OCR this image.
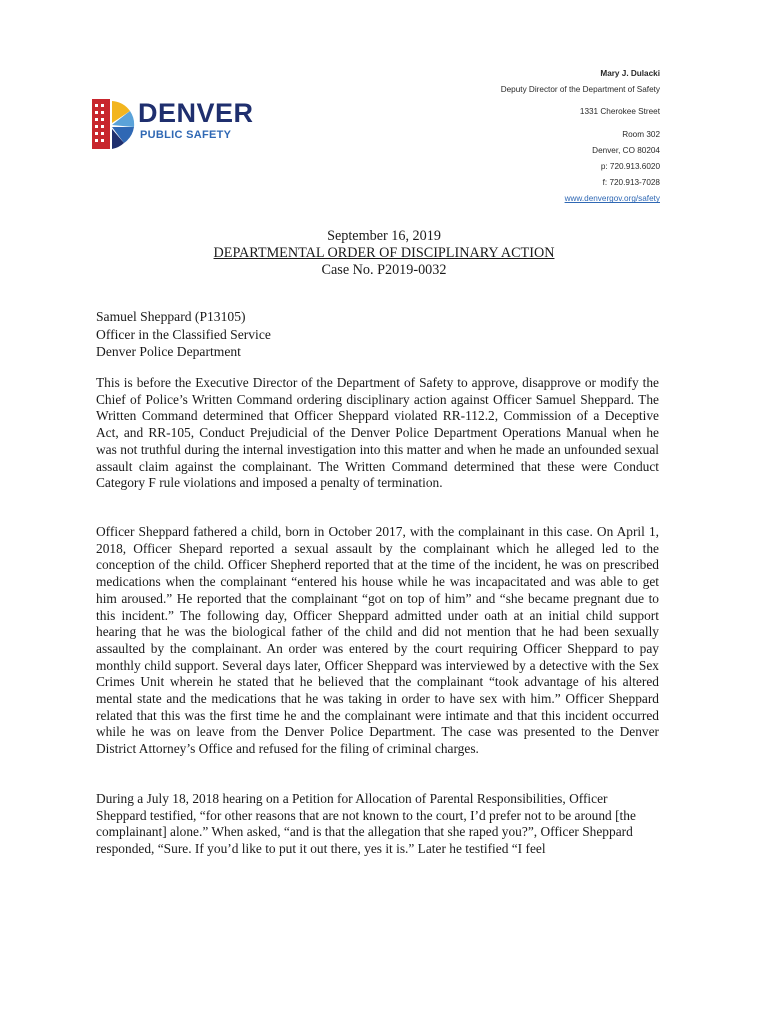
DENVER
PUBLIC SAFETY
Mary J. Dulacki
Deputy Director of the Department of Safety
1331 Cherokee Street
Room 302
Denver, CO 80204
p: 720.913.6020
f: 720.913-7028
www.denvergov.org/safety
September 16, 2019
DEPARTMENTAL ORDER OF DISCIPLINARY ACTION
Case No. P2019-0032
Samuel Sheppard (P13105)
Officer in the Classified Service
Denver Police Department

This is before the Executive Director of the Department of Safety to approve, disapprove or modify the Chief of Police’s Written Command ordering disciplinary action against Officer Samuel Sheppard. The Written Command determined that Officer Sheppard violated RR-112.2, Commission of a Deceptive Act, and RR-105, Conduct Prejudicial of the Denver Police Department Operations Manual when he was not truthful during the internal investigation into this matter and when he made an unfounded sexual assault claim against the complainant. The Written Command determined that these were Conduct Category F rule violations and imposed a penalty of termination.

Officer Sheppard fathered a child, born in October 2017, with the complainant in this case. On April 1, 2018, Officer Shepard reported a sexual assault by the complainant which he alleged led to the conception of the child. Officer Shepherd reported that at the time of the incident, he was on prescribed medications when the complainant “entered his house while he was incapacitated and was able to get him aroused.” He reported that the complainant “got on top of him” and “she became pregnant due to this incident.” The following day, Officer Sheppard admitted under oath at an initial child support hearing that he was the biological father of the child and did not mention that he had been sexually assaulted by the complainant. An order was entered by the court requiring Officer Sheppard to pay monthly child support. Several days later, Officer Sheppard was interviewed by a detective with the Sex Crimes Unit wherein he stated that he believed that the complainant “took advantage of his altered mental state and the medications that he was taking in order to have sex with him.” Officer Sheppard related that this was the first time he and the complainant were intimate and that this incident occurred while he was on leave from the Denver Police Department. The case was presented to the Denver District Attorney’s Office and refused for the filing of criminal charges.

During a July 18, 2018 hearing on a Petition for Allocation of Parental Responsibilities, Officer Sheppard testified, “for other reasons that are not known to the court, I’d prefer not to be around [the complainant] alone.” When asked, “and is that the allegation that she raped you?”, Officer Sheppard responded, “Sure. If you’d like to put it out there, yes it is.” Later he testified “I feel
